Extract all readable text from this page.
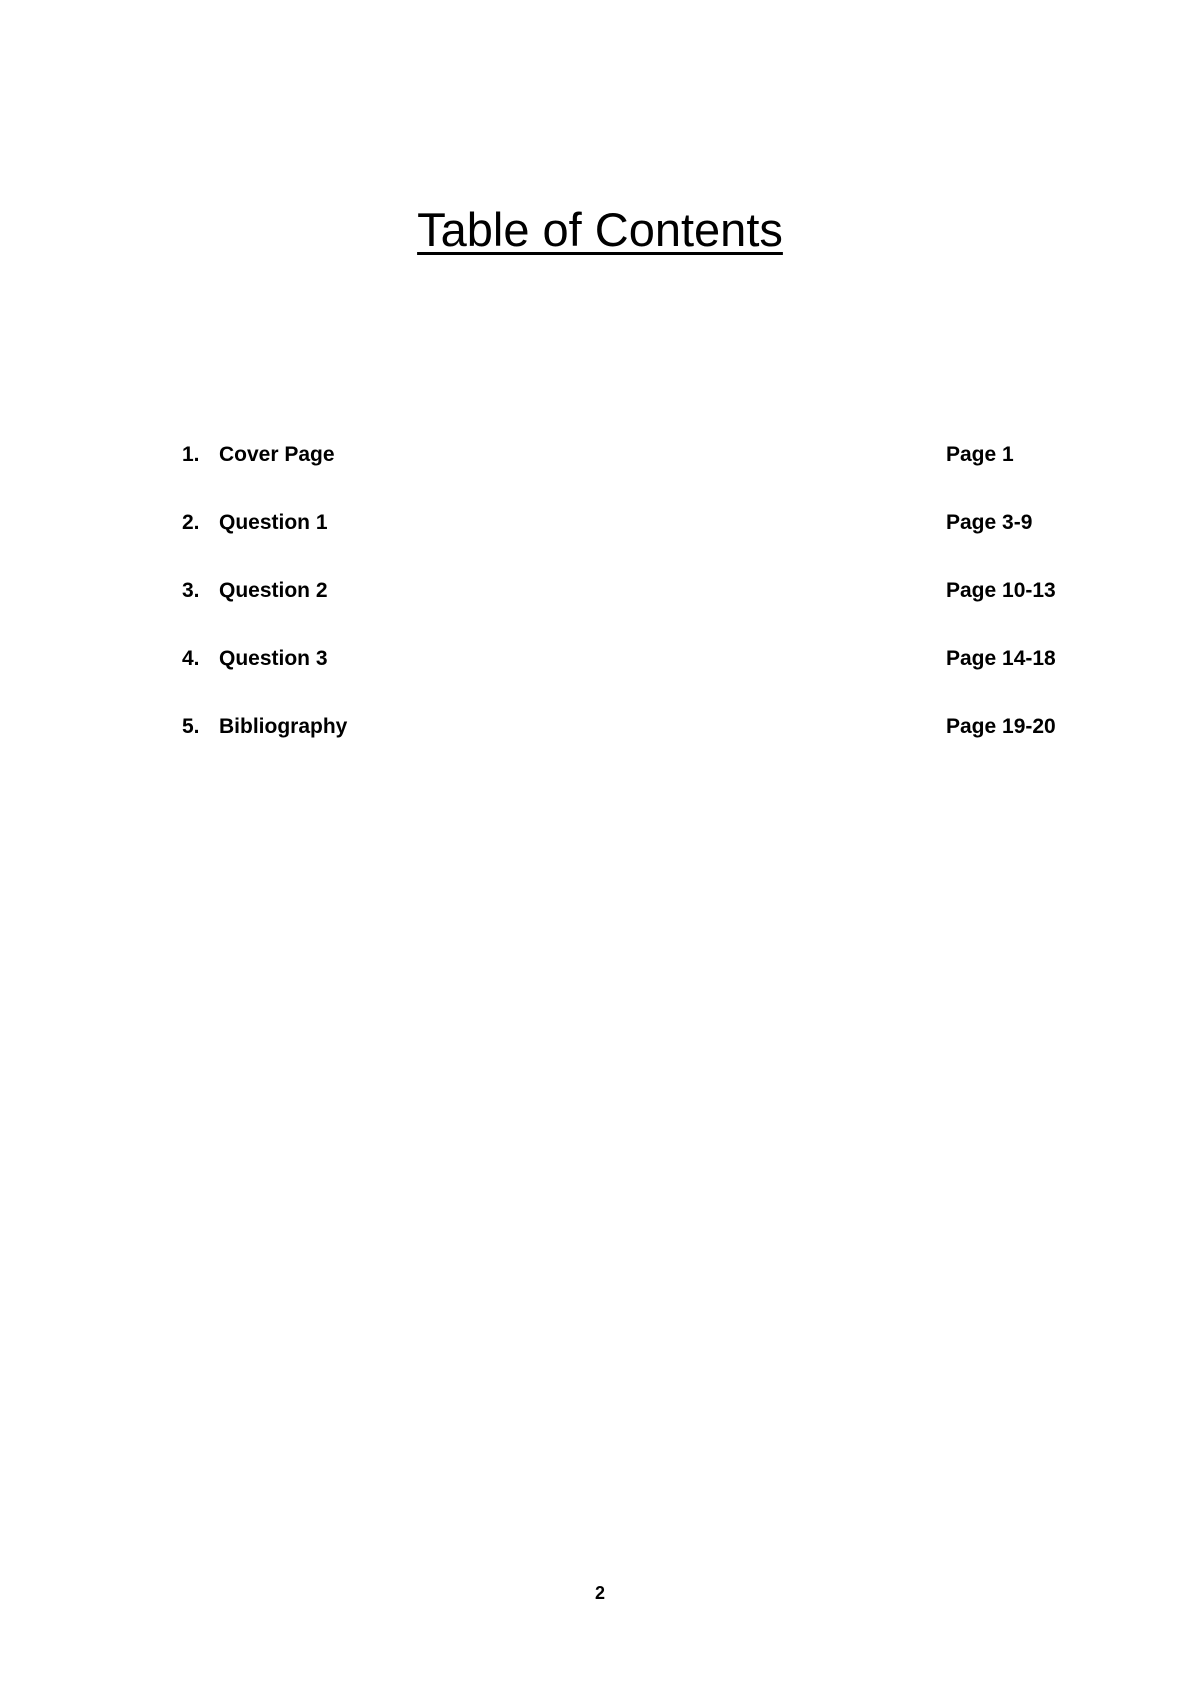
Table of Contents
1. Cover Page	Page 1
2. Question 1	Page 3-9
3. Question 2	Page 10-13
4. Question 3	Page 14-18
5. Bibliography	Page 19-20
2
